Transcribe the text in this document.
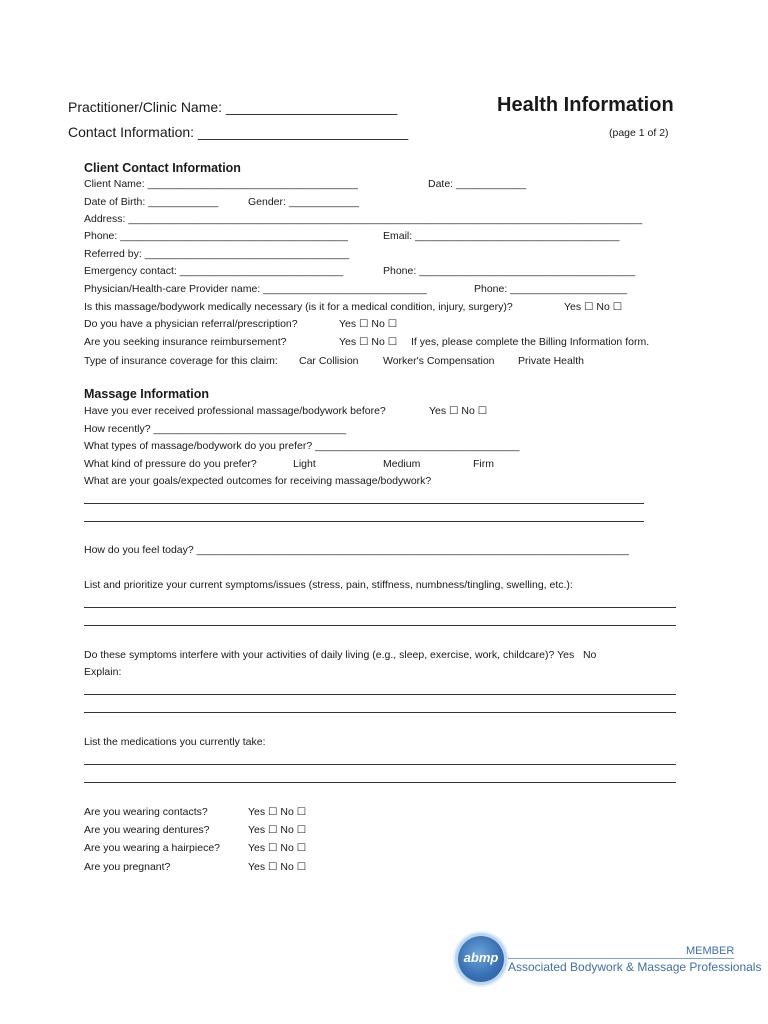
Practitioner/Clinic Name: ______________________
Contact Information: ___________________________
Health Information
(page 1 of 2)
Client Contact Information
Client Name: ____________________________________	Date: ____________
Date of Birth: ____________	Gender: ____________
Address: ________________________________________________________________________________________
Phone: _______________________________________	Email: ___________________________________
Referred by: ___________________________________
Emergency contact: ____________________________	Phone: _____________________________________
Physician/Health-care Provider name: ____________________________	Phone: ____________________
Is this massage/bodywork medically necessary (is it for a medical condition, injury, surgery)?	Yes ☐ No ☐
Do you have a physician referral/prescription?	Yes ☐ No ☐
Are you seeking insurance reimbursement?	Yes ☐ No ☐ If yes, please complete the Billing Information form.
Type of insurance coverage for this claim: Car Collision Worker's Compensation Private Health
Massage Information
Have you ever received professional massage/bodywork before?	Yes ☐ No ☐
How recently? _________________________________
What types of massage/bodywork do you prefer? ___________________________________
What kind of pressure do you prefer?	Light	Medium	Firm
What are your goals/expected outcomes for receiving massage/bodywork?
How do you feel today? __________________________________________________________________________
List and prioritize your current symptoms/issues (stress, pain, stiffness, numbness/tingling, swelling, etc.):
Do these symptoms interfere with your activities of daily living (e.g., sleep, exercise, work, childcare)? Yes   No
Explain:
List the medications you currently take:
Are you wearing contacts?	Yes ☐ No ☐
Are you wearing dentures?	Yes ☐ No ☐
Are you wearing a hairpiece?	Yes ☐ No ☐
Are you pregnant?	Yes ☐ No ☐
abmp	MEMBER
Associated Bodywork & Massage Professionals
